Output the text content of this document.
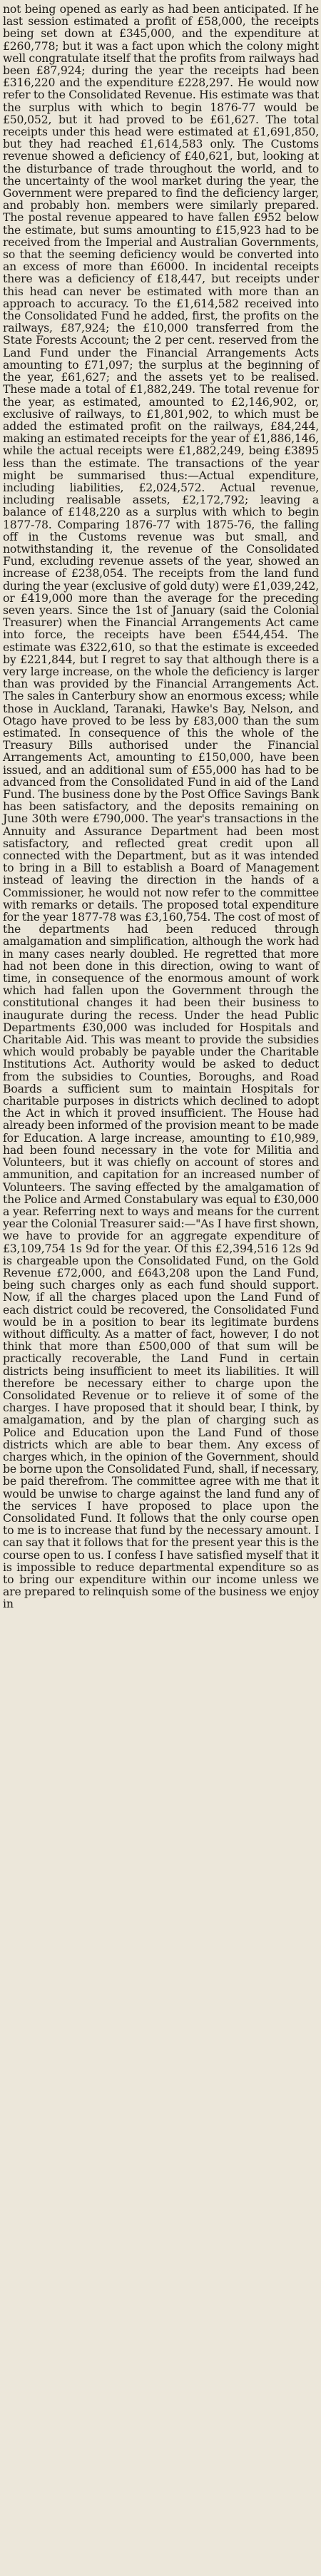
not being opened as early as had been anticipated. If he last session estimated a profit of £58,000, the receipts being set down at £345,000, and the expenditure at £260,778; but it was a fact upon which the colony might well congratulate itself that the profits from railways had been £87,924; during the year the receipts had been £316,220 and the expenditure £228,297. He would now refer to the Consolidated Revenue. His estimate was that the surplus with which to begin 1876-77 would be £50,052, but it had proved to be £61,627. The total receipts under this head were estimated at £1,691,850, but they had reached £1,614,583 only. The Customs revenue showed a deficiency of £40,621, but, looking at the disturbance of trade throughout the world, and to the uncertainty of the wool market during the year, the Government were prepared to find the deficiency larger, and probably hon. members were similarly prepared. The postal revenue appeared to have fallen £952 below the estimate, but sums amounting to £15,923 had to be received from the Imperial and Australian Governments, so that the seeming deficiency would be converted into an excess of more than £6000. In incidental receipts there was a deficiency of £18,447, but receipts under this head can never be estimated with more than an approach to accuracy. To the £1,614,582 received into the Consolidated Fund he added, first, the profits on the railways, £87,924; the £10,000 transferred from the State Forests Account; the 2 per cent. reserved from the Land Fund under the Financial Arrangements Acts amounting to £71,097; the surplus at the beginning of the year, £61,627; and the assets yet to be realised. These made a total of £1,882,249. The total revenue for the year, as estimated, amounted to £2,146,902, or, exclusive of railways, to £1,801,902, to which must be added the estimated profit on the railways, £84,244, making an estimated receipts for the year of £1,886,146, while the actual receipts were £1,882,249, being £3895 less than the estimate. The transactions of the year might be summarised thus:—Actual expenditure, including liabilities, £2,024,572. Actual revenue, including realisable assets, £2,172,792; leaving a balance of £148,220 as a surplus with which to begin 1877-78. Comparing 1876-77 with 1875-76, the falling off in the Customs revenue was but small, and notwithstanding it, the revenue of the Consolidated Fund, excluding revenue assets of the year, showed an increase of £238,054. The receipts from the land fund during the year (exclusive of gold duty) were £1,039,242, or £419,000 more than the average for the preceding seven years. Since the 1st of January (said the Colonial Treasurer) when the Financial Arrangements Act came into force, the receipts have been £544,454. The estimate was £322,610, so that the estimate is exceeded by £221,844, but I regret to say that although there is a very large increase, on the whole the deficiency is larger than was provided by the Financial Arrangements Act. The sales in Canterbury show an enormous excess; while those in Auckland, Taranaki, Hawke's Bay, Nelson, and Otago have proved to be less by £83,000 than the sum estimated. In consequence of this the whole of the Treasury Bills authorised under the Financial Arrangements Act, amounting to £150,000, have been issued, and an additional sum of £55,000 has had to be advanced from the Consolidated Fund in aid of the Land Fund. The business done by the Post Office Savings Bank has been satisfactory, and the deposits remaining on June 30th were £790,000. The year's transactions in the Annuity and Assurance Department had been most satisfactory, and reflected great credit upon all connected with the Department, but as it was intended to bring in a Bill to establish a Board of Management instead of leaving the direction in the hands of a Commissioner, he would not now refer to the committee with remarks or details. The proposed total expenditure for the year 1877-78 was £3,160,754. The cost of most of the departments had been reduced through amalgamation and simplification, although the work had in many cases nearly doubled. He regretted that more had not been done in this direction, owing to want of time, in consequence of the enormous amount of work which had fallen upon the Government through the constitutional changes it had been their business to inaugurate during the recess. Under the head Public Departments £30,000 was included for Hospitals and Charitable Aid. This was meant to provide the subsidies which would probably be payable under the Charitable Institutions Act. Authority would be asked to deduct from the subsidies to Counties, Boroughs, and Road Boards a sufficient sum to maintain Hospitals for charitable purposes in districts which declined to adopt the Act in which it proved insufficient. The House had already been informed of the provision meant to be made for Education. A large increase, amounting to £10,989, had been found necessary in the vote for Militia and Volunteers, but it was chiefly on account of stores and ammunition, and capitation for an increased number of Volunteers. The saving effected by the amalgamation of the Police and Armed Constabulary was equal to £30,000 a year. Referring next to ways and means for the current year the Colonial Treasurer said:—"As I have first shown, we have to provide for an aggregate expenditure of £3,109,754 1s 9d for the year. Of this £2,394,516 12s 9d is chargeable upon the Consolidated Fund, on the Gold Revenue £72,000, and £643,208 upon the Land Fund, being such charges only as each fund should support. Now, if all the charges placed upon the Land Fund of each district could be recovered, the Consolidated Fund would be in a position to bear its legitimate burdens without difficulty. As a matter of fact, however, I do not think that more than £500,000 of that sum will be practically recoverable, the Land Fund in certain districts being insufficient to meet its liabilities. It will therefore be necessary either to charge upon the Consolidated Revenue or to relieve it of some of the charges. I have proposed that it should bear, I think, by amalgamation, and by the plan of charging such as Police and Education upon the Land Fund of those districts which are able to bear them. Any excess of charges which, in the opinion of the Government, should be borne upon the Consolidated Fund, shall, if necessary, be paid therefrom. The committee agree with me that it would be unwise to charge against the land fund any of the services I have proposed to place upon the Consolidated Fund. It follows that the only course open to me is to increase that fund by the necessary amount. I can say that it follows that for the present year this is the course open to us. I confess I have satisfied myself that it is impossible to reduce departmental expenditure so as to bring our expenditure within our income unless we are prepared to relinquish some of the business we enjoy in
